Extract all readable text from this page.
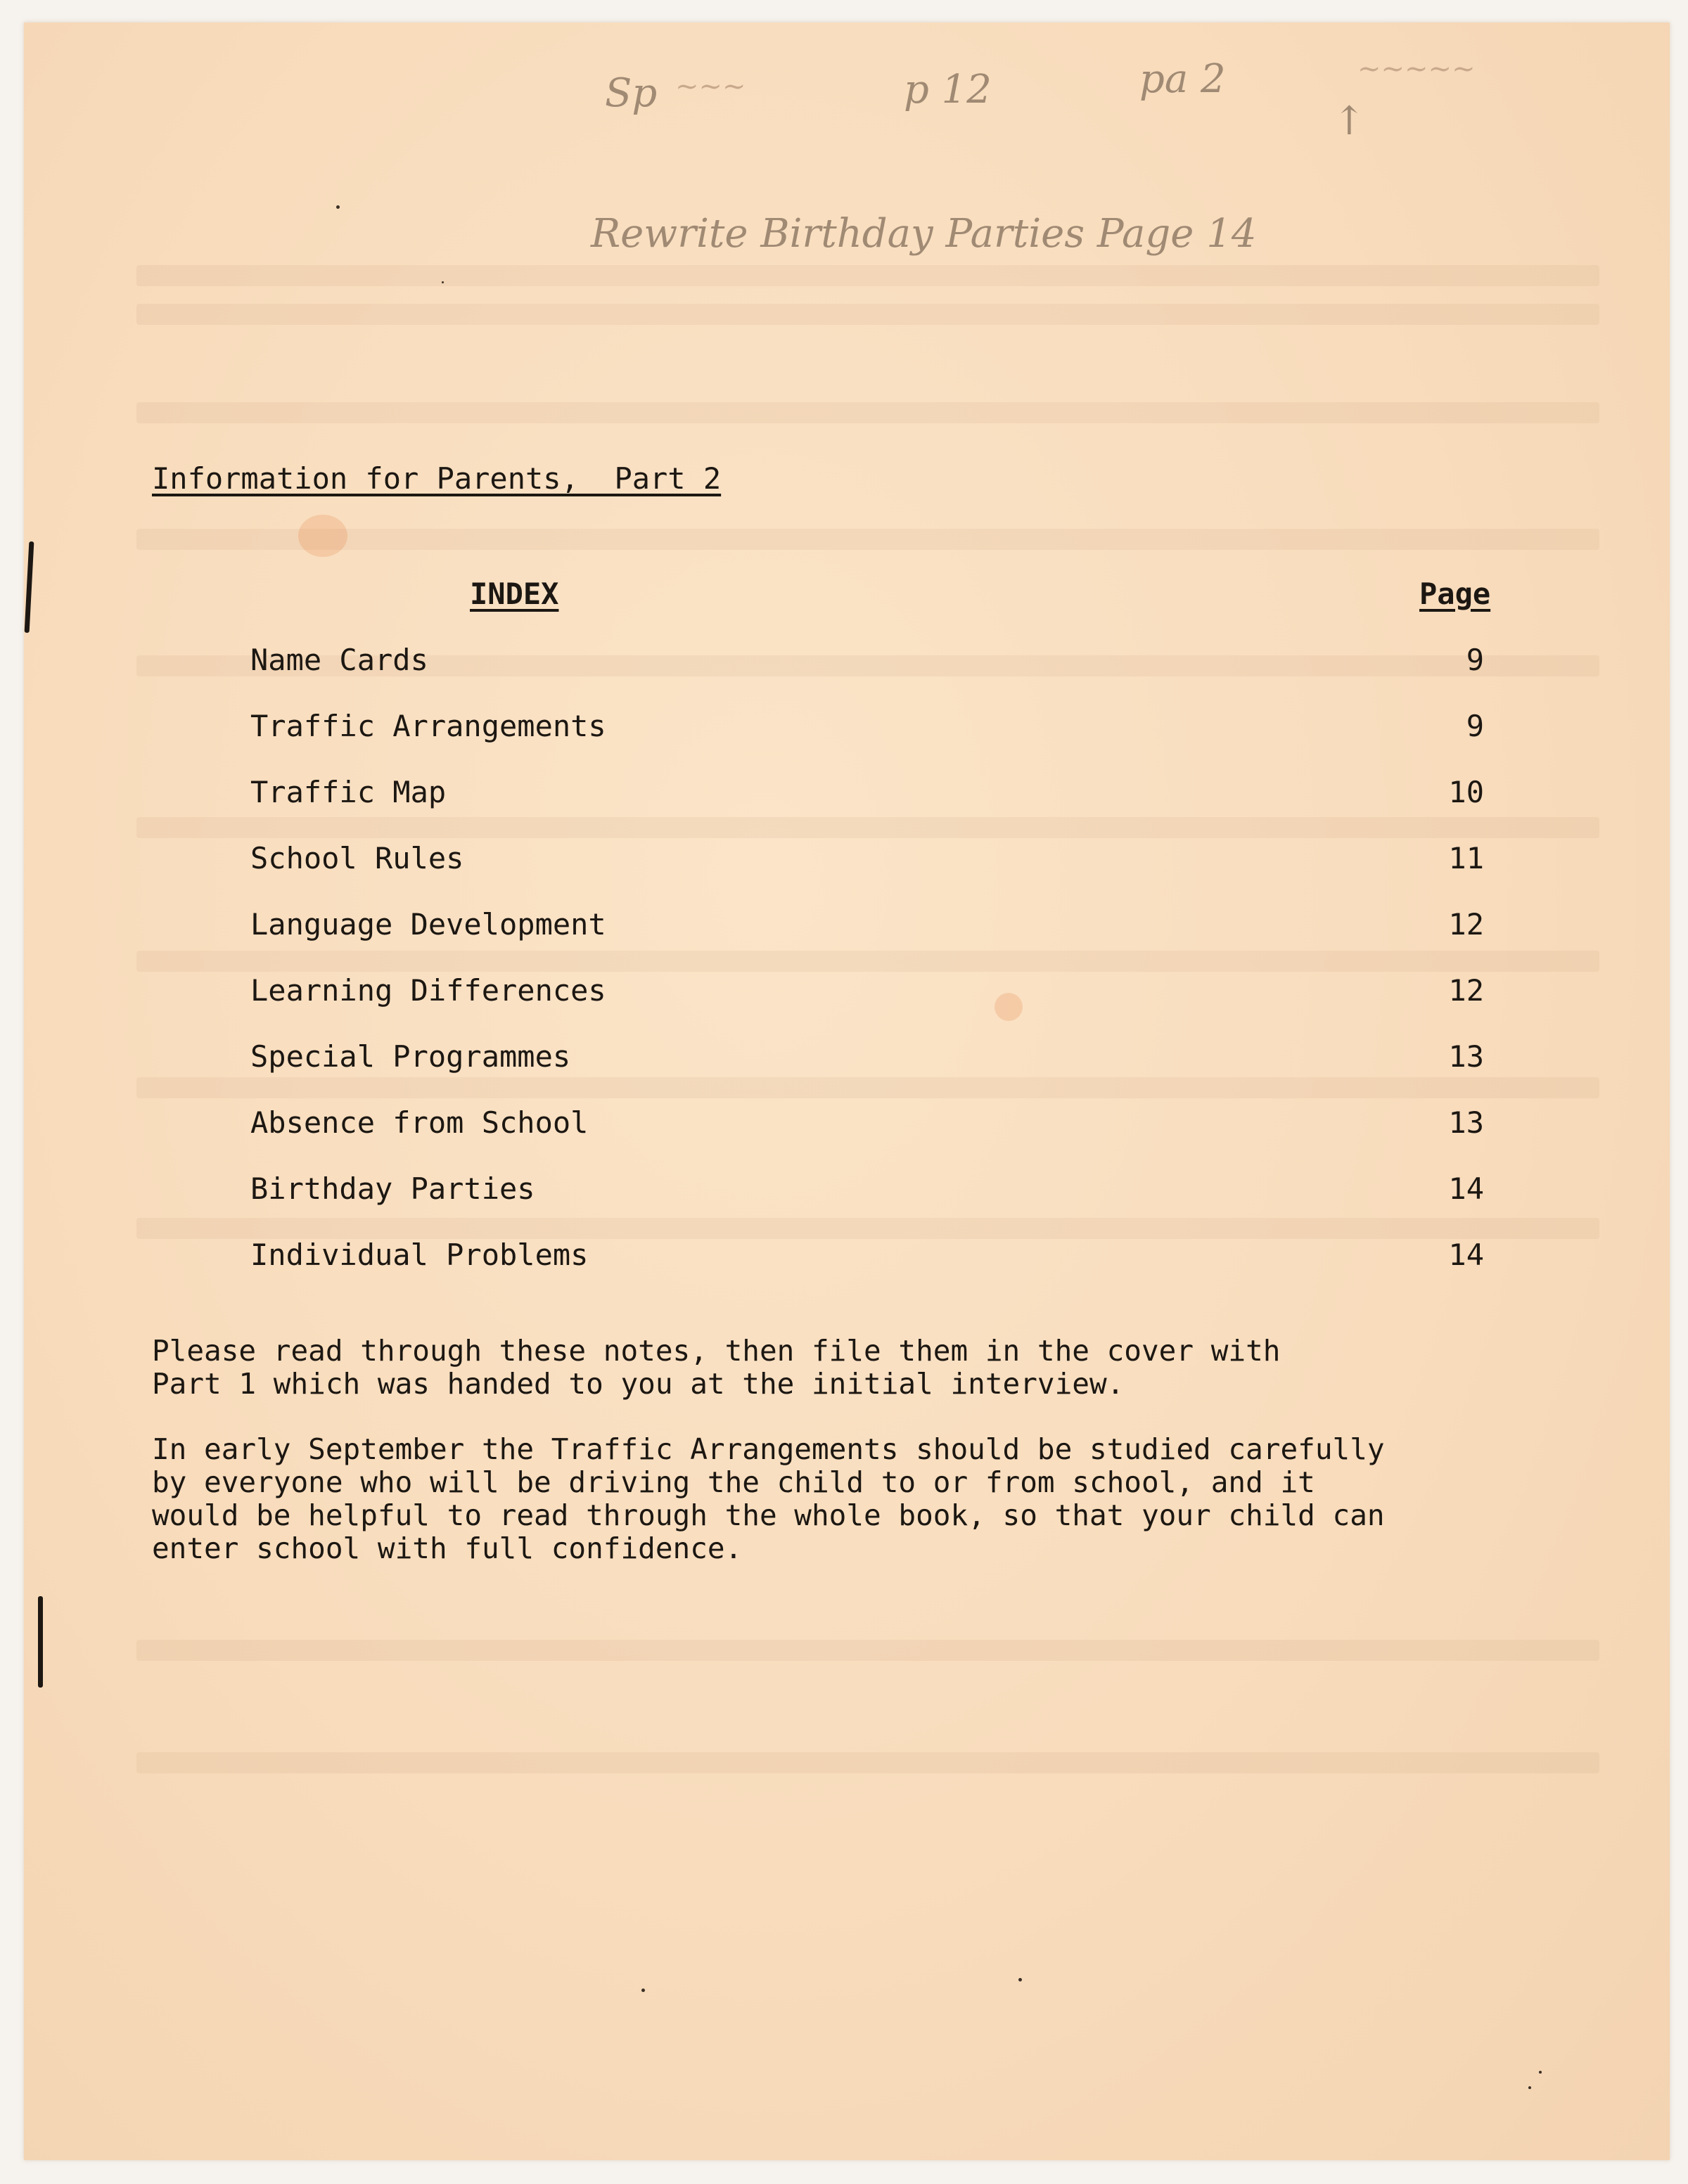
Sp ~~~	p 12	pa 2	~~~~~

↑

Rewrite Birthday Parties Page 14

Information for Parents,  Part 2

INDEX	Page

Name Cards	9

Traffic Arrangements	9

Traffic Map	10

School Rules	11

Language Development	12

Learning Differences	12

Special Programmes	13

Absence from School	13

Birthday Parties	14

Individual Problems	14

Please read through these notes, then file them in the cover with
Part 1 which was handed to you at the initial interview.

In early September the Traffic Arrangements should be studied carefully
by everyone who will be driving the child to or from school, and it
would be helpful to read through the whole book, so that your child can
enter school with full confidence.
